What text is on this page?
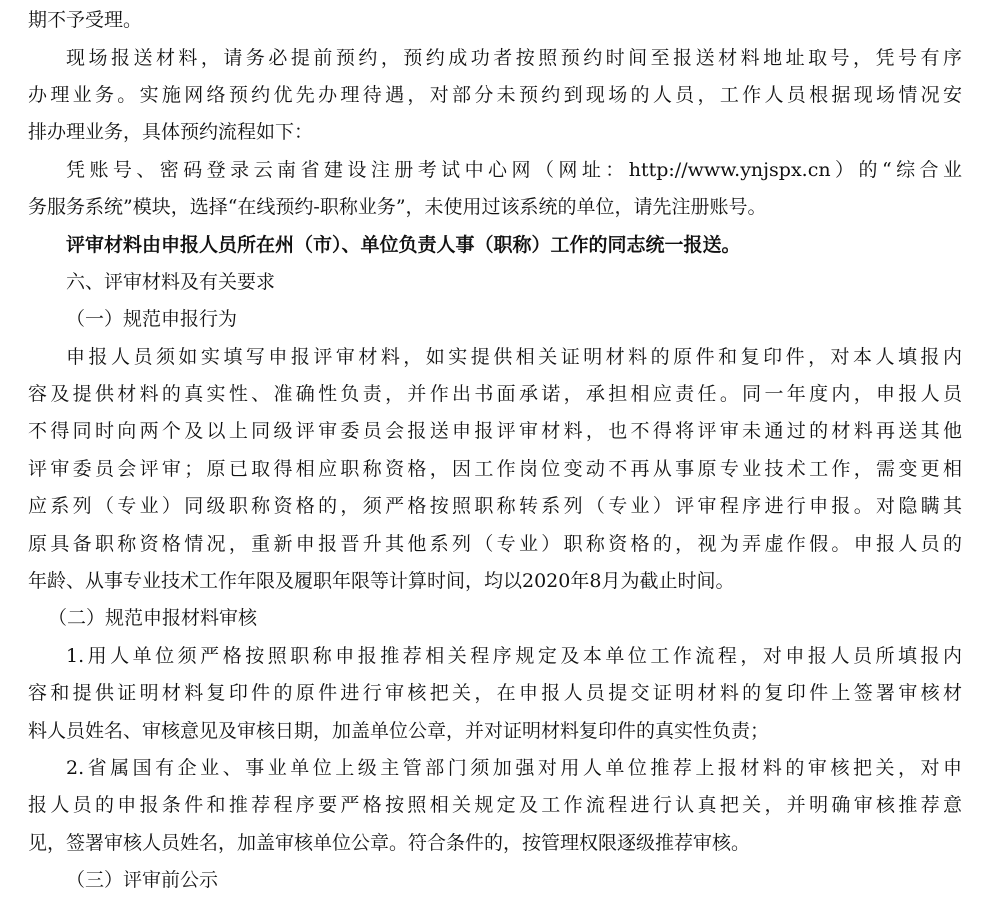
期不予受理。
现场报送材料，请务必提前预约，预约成功者按照预约时间至报送材料地址取号，凭号有序
办理业务。实施网络预约优先办理待遇，对部分未预约到现场的人员，工作人员根据现场情况安
排办理业务，具体预约流程如下：
凭账号、密码登录云南省建设注册考试中心网（网址：http://www.ynjspx.cn）的“综合业
务服务系统”模块，选择“在线预约-职称业务”，未使用过该系统的单位，请先注册账号。
评审材料由申报人员所在州（市）、单位负责人事（职称）工作的同志统一报送。
六、评审材料及有关要求
（一）规范申报行为
申报人员须如实填写申报评审材料，如实提供相关证明材料的原件和复印件，对本人填报内
容及提供材料的真实性、准确性负责，并作出书面承诺，承担相应责任。同一年度内，申报人员
不得同时向两个及以上同级评审委员会报送申报评审材料，也不得将评审未通过的材料再送其他
评审委员会评审；原已取得相应职称资格，因工作岗位变动不再从事原专业技术工作，需变更相
应系列（专业）同级职称资格的，须严格按照职称转系列（专业）评审程序进行申报。对隐瞒其
原具备职称资格情况，重新申报晋升其他系列（专业）职称资格的，视为弄虚作假。申报人员的
年龄、从事专业技术工作年限及履职年限等计算时间，均以2020年8月为截止时间。
（二）规范申报材料审核
1.用人单位须严格按照职称申报推荐相关程序规定及本单位工作流程，对申报人员所填报内
容和提供证明材料复印件的原件进行审核把关，在申报人员提交证明材料的复印件上签署审核材
料人员姓名、审核意见及审核日期，加盖单位公章，并对证明材料复印件的真实性负责；
2.省属国有企业、事业单位上级主管部门须加强对用人单位推荐上报材料的审核把关，对申
报人员的申报条件和推荐程序要严格按照相关规定及工作流程进行认真把关，并明确审核推荐意
见，签署审核人员姓名，加盖审核单位公章。符合条件的，按管理权限逐级推荐审核。
（三）评审前公示
